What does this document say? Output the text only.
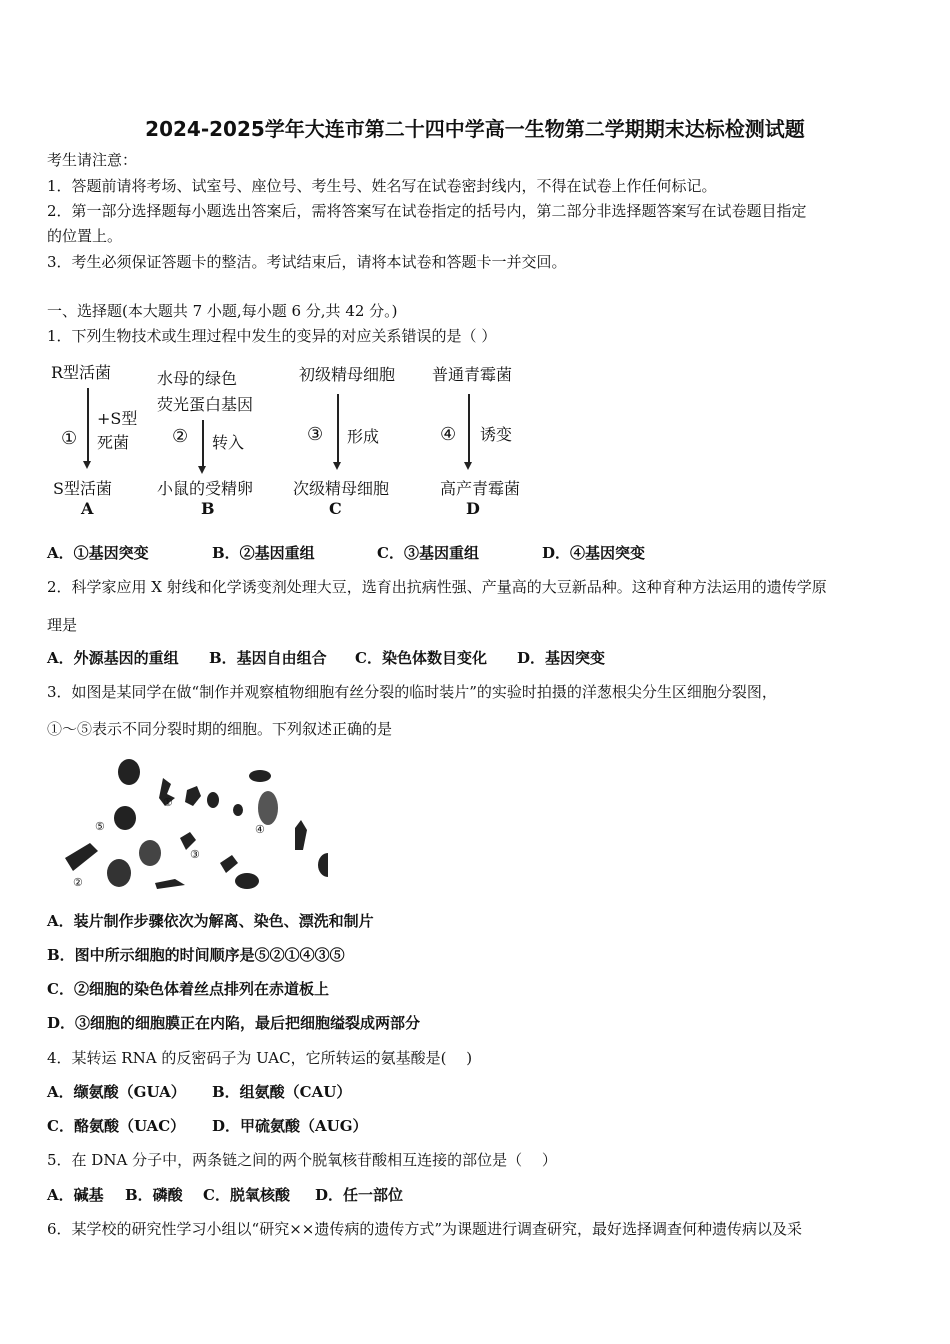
2024-2025学年大连市第二十四中学高一生物第二学期期末达标检测试题
考生请注意：
1．答题前请将考场、试室号、座位号、考生号、姓名写在试卷密封线内，不得在试卷上作任何标记。
2．第一部分选择题每小题选出答案后，需将答案写在试卷指定的括号内，第二部分非选择题答案写在试卷题目指定
的位置上。
3．考生必须保证答题卡的整洁。考试结束后，请将本试卷和答题卡一并交回。
一、选择题(本大题共 7 小题,每小题 6 分,共 42 分。)
1．下列生物技术或生理过程中发生的变异的对应关系错误的是（ ）
R型活菌
①
+S型
死菌
S型活菌
A
水母的绿色
荧光蛋白基因
② 转入
小鼠的受精卵
B
初级精母细胞
③ 形成
次级精母细胞
C
普通青霉菌
④ 诱变
高产青霉菌
D
A．①基因突变	B．②基因重组	C．③基因重组	D．④基因突变
2．科学家应用 X 射线和化学诱变剂处理大豆，选育出抗病性强、产量高的大豆新品种。这种育种方法运用的遗传学原
理是
A．外源基因的重组 B．基因自由组合 C．染色体数目变化 D．基因突变
3．如图是某同学在做“制作并观察植物细胞有丝分裂的临时装片”的实验时拍摄的洋葱根尖分生区细胞分裂图，
①～⑤表示不同分裂时期的细胞。下列叙述正确的是
①
②
③
④
⑤
A．装片制作步骤依次为解离、染色、漂洗和制片
B．图中所示细胞的时间顺序是⑤②①④③⑤
C．②细胞的染色体着丝点排列在赤道板上
D．③细胞的细胞膜正在内陷，最后把细胞缢裂成两部分
4．某转运 RNA 的反密码子为 UAC，它所转运的氨基酸是(　 )
A．缬氨酸（GUA） B．组氨酸（CAU）
C．酪氨酸（UAC） D．甲硫氨酸（AUG）
5．在 DNA 分子中，两条链之间的两个脱氧核苷酸相互连接的部位是（　 ）
A．碱基 B．磷酸 C．脱氧核酸 D．任一部位
6．某学校的研究性学习小组以“研究××遗传病的遗传方式”为课题进行调查研究，最好选择调查何种遗传病以及采
